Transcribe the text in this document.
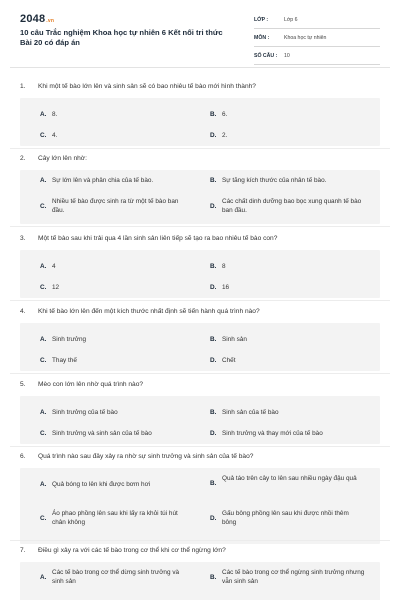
2048.vn
10 câu Trắc nghiệm Khoa học tự nhiên 6 Kết nối tri thức
Bài 20 có đáp án
LỚP :	Lớp 6
MÔN :	Khoa học tự nhiên
SỐ CÂU : 10
1. Khi một tế bào lớn lên và sinh sản sẽ có bao nhiêu tế bào mới hình thành?
A. 8.	B. 6.
C. 4.	D. 2.
2. Cây lớn lên nhờ:
A. Sự lớn lên và phân chia của tế bào.	B. Sự tăng kích thước của nhân tế bào.
C.
Nhiều tế bào được sinh ra từ một tế bào ban đầu.
D.
Các chất dinh dưỡng bao bọc xung quanh tế bào ban đầu.
3. Một tế bào sau khi trải qua 4 lần sinh sản liên tiếp sẽ tạo ra bao nhiêu tế bào con?
A. 4	B. 8
C. 12	D. 16
4. Khi tế bào lớn lên đến một kích thước nhất định sẽ tiến hành quá trình nào?
A. Sinh trưởng	B. Sinh sản
C. Thay thế	D. Chết
5. Mèo con lớn lên nhờ quá trình nào?
A. Sinh trưởng của tế bào	B. Sinh sản của tế bào
C. Sinh trưởng và sinh sản của tế bào	D. Sinh trưởng và thay mới của tế bào
6. Quá trình nào sau đây xảy ra nhờ sự sinh trưởng và sinh sản của tế bào?
A. Quả bóng to lên khi được bơm hơi	B.
Quả táo trên cây to lên sau nhiều ngày đậu quả
C.
Áo phao phồng lên sau khi lấy ra khỏi túi hút chân không
D.
Gấu bông phồng lên sau khi được nhồi thêm bông
7. Điều gì xảy ra với các tế bào trong cơ thể khi cơ thể ngừng lớn?
A.
Các tế bào trong cơ thể dừng sinh trưởng và sinh sản
B.
Các tế bào trong cơ thể ngừng sinh trưởng nhưng vẫn sinh sản
